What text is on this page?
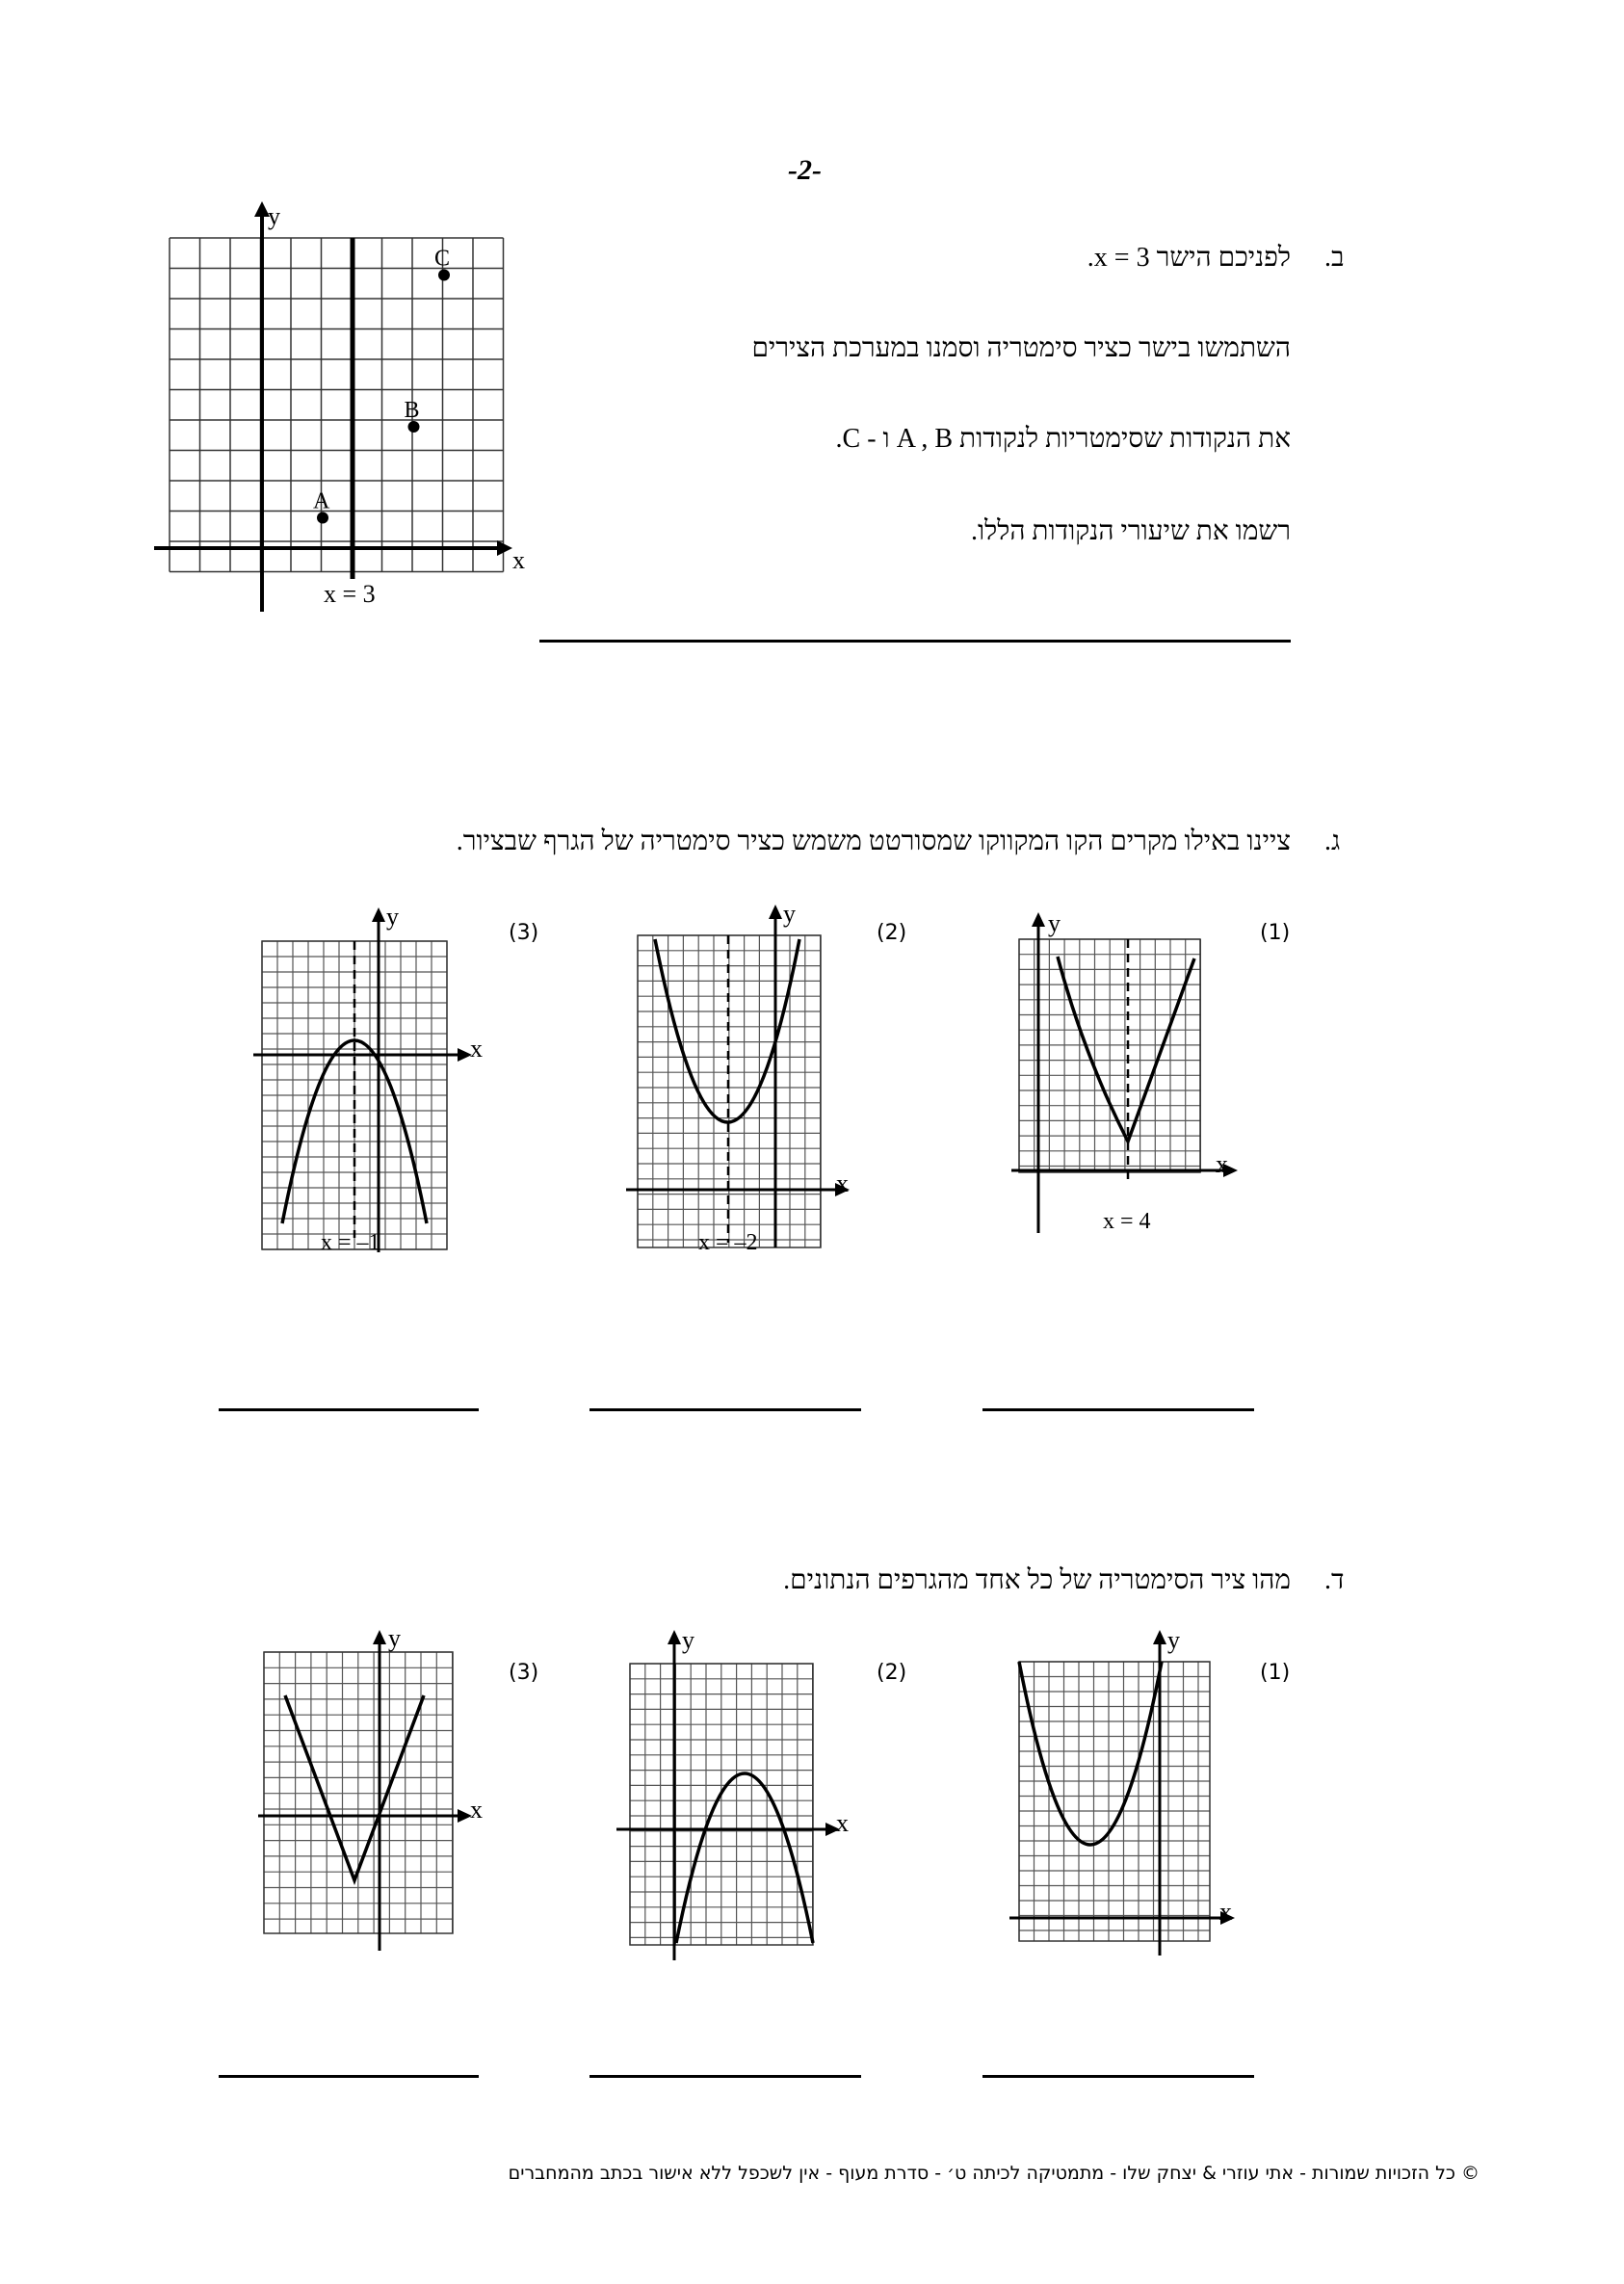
-2-
ב.
לפניכם הישר x = 3.
השתמשו בישר כציר סימטריה וסמנו במערכת הצירים
את הנקודות שסימטריות לנקודות A , B ו - C.
רשמו את שיעורי הנקודות הללו.
A
B
C
x
y
x = 3
ג.
ציינו באילו מקרים הקו המקווקו שמסורטט משמש כציר סימטריה של הגרף שבציור.
(1)
(2)
(3)
x
y
x = 4
x
y
x = –2
x
y
x = –1
ד.
מהו ציר הסימטריה של כל אחד מהגרפים הנתונים.
(1)
(2)
(3)
x
y
x
y
x
y
© כל הזכויות שמורות - אתי עוזרי & יצחק שלו - מתמטיקה לכיתה ט׳ - סדרת מעוף - אין לשכפל ללא אישור בכתב מהמחברים
